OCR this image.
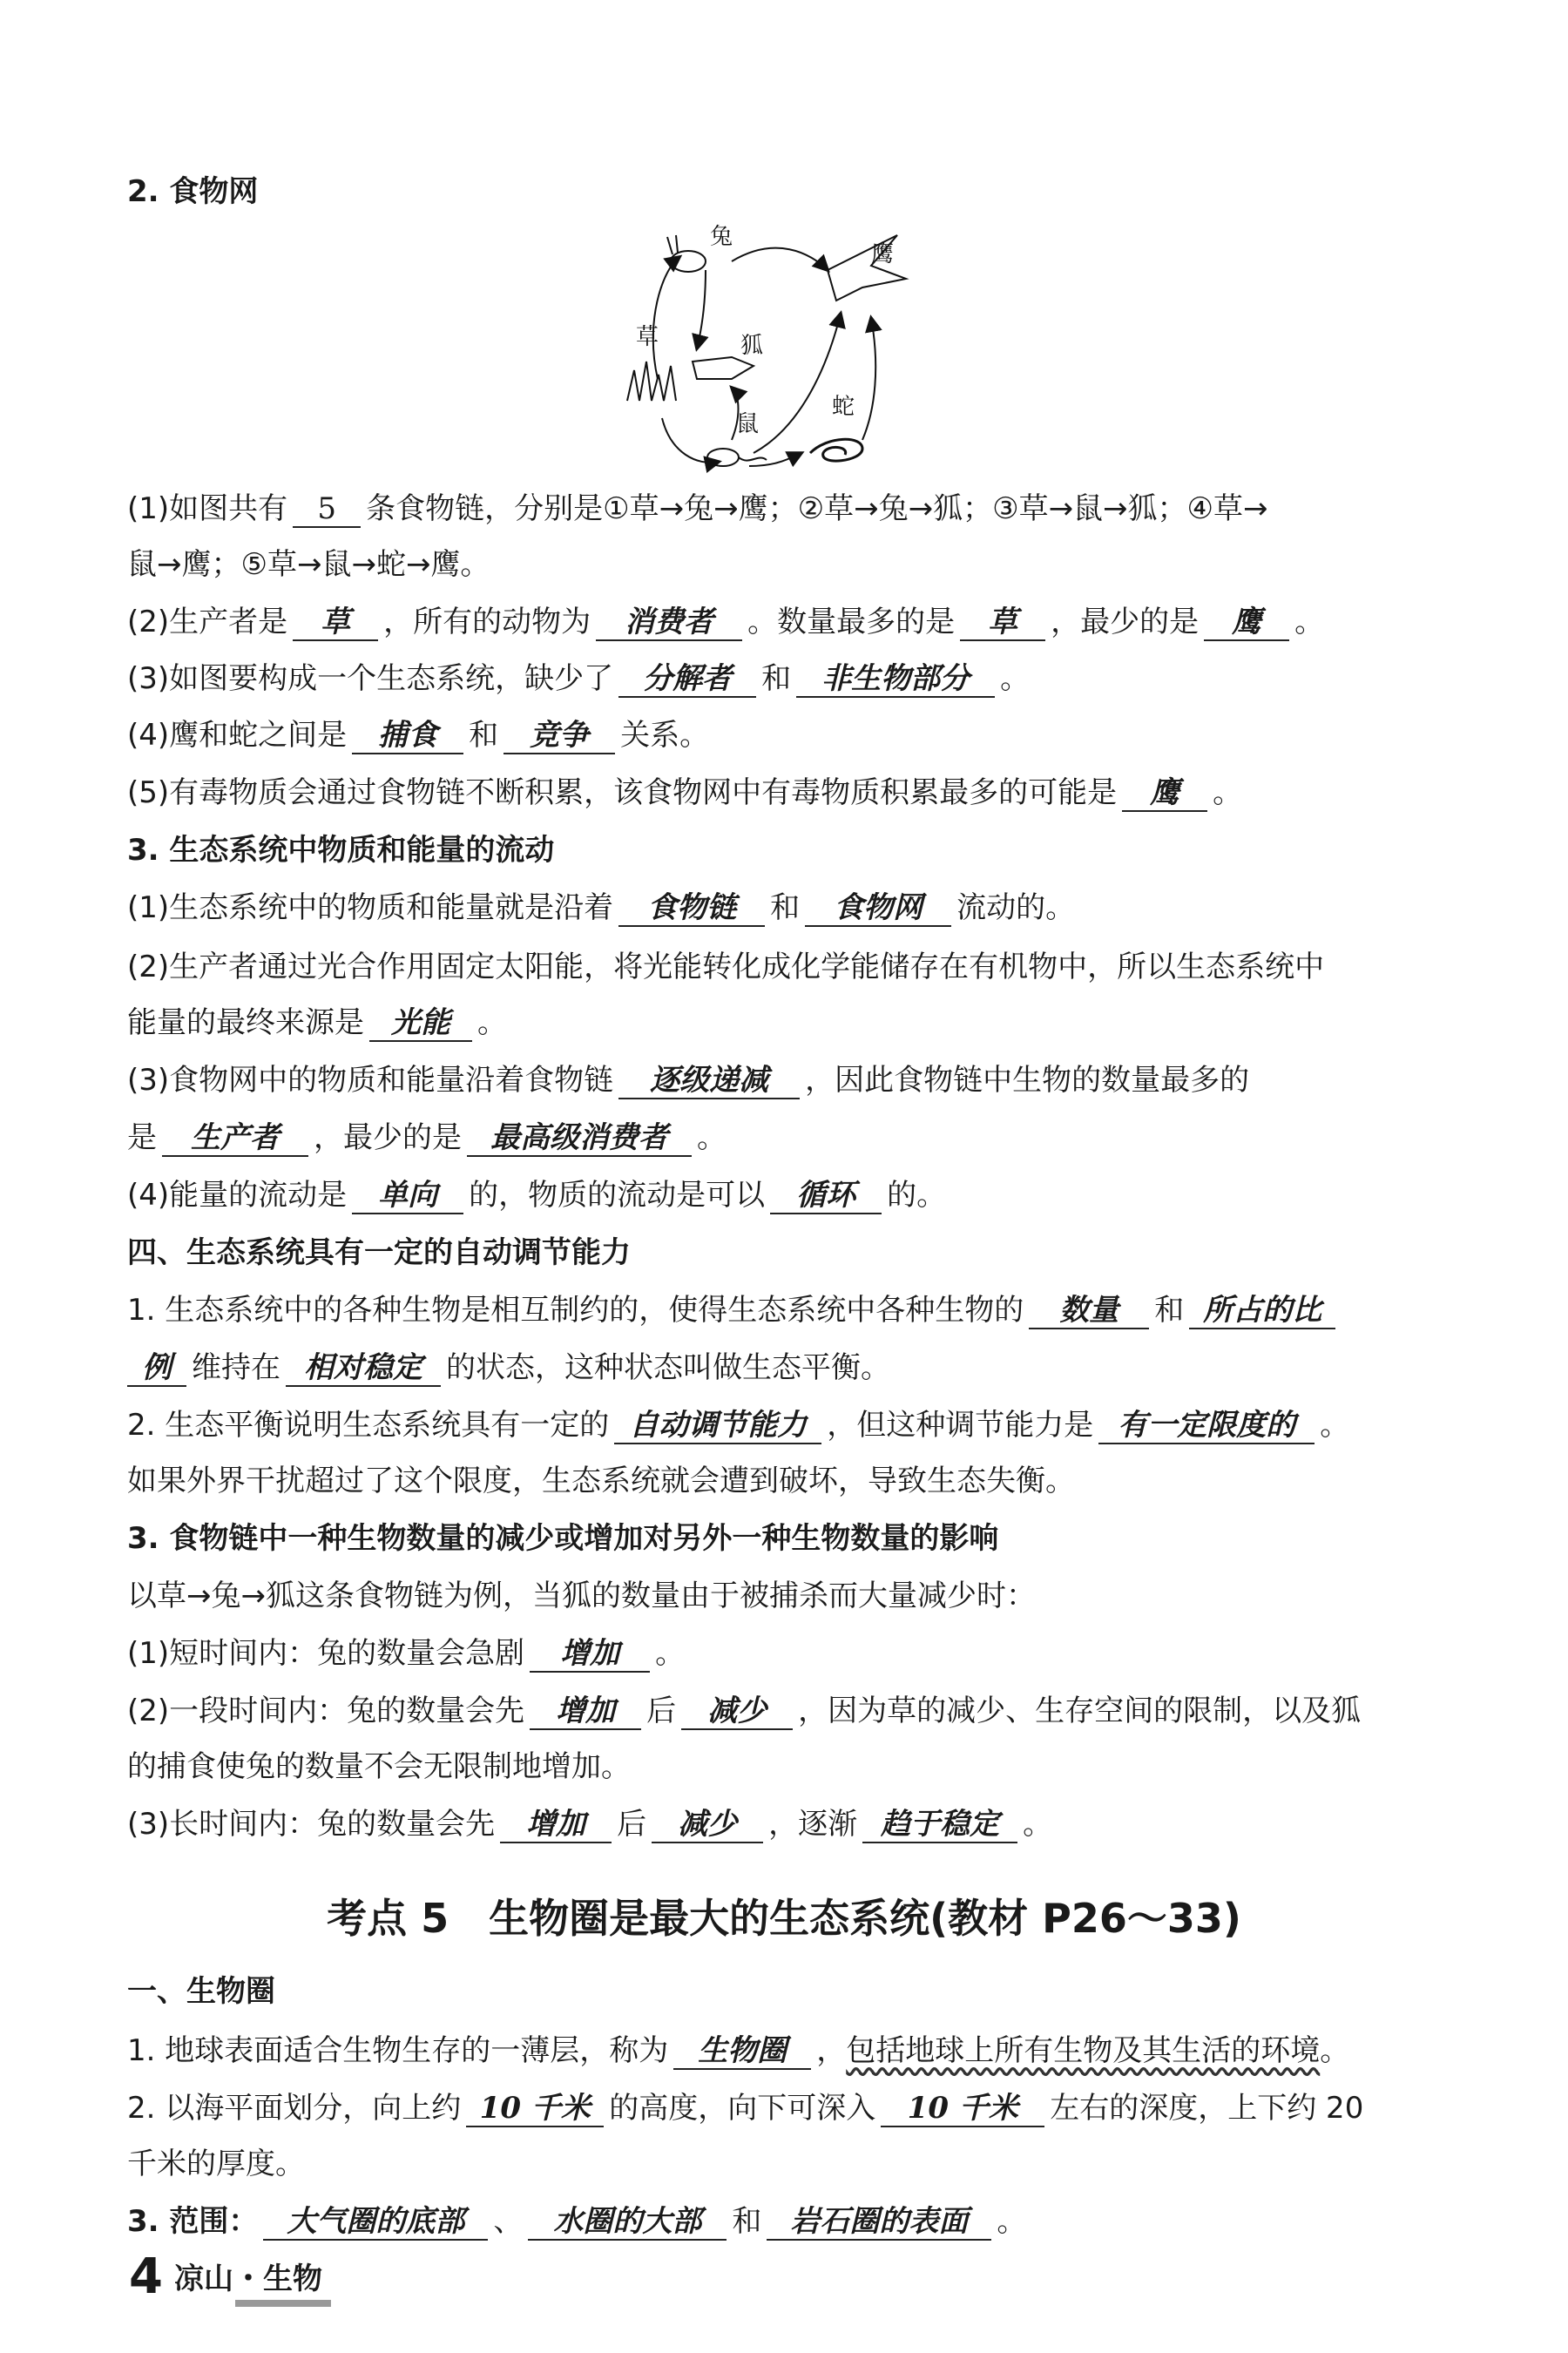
2. 食物网
兔
鹰
草	狐
鼠
蛇
(1)如图共有 5 条食物链，分别是①草→兔→鹰；②草→兔→狐；③草→鼠→狐；④草→
鼠→鹰；⑤草→鼠→蛇→鹰。
(2)生产者是 草 ，所有的动物为 消费者 。数量最多的是 草 ，最少的是 鹰 。
(3)如图要构成一个生态系统，缺少了 分解者 和 非生物部分 。
(4)鹰和蛇之间是 捕食 和 竞争 关系。
(5)有毒物质会通过食物链不断积累，该食物网中有毒物质积累最多的可能是 鹰 。
3. 生态系统中物质和能量的流动
(1)生态系统中的物质和能量就是沿着 食物链 和 食物网 流动的。
(2)生产者通过光合作用固定太阳能，将光能转化成化学能储存在有机物中，所以生态系统中
能量的最终来源是 光能 。
(3)食物网中的物质和能量沿着食物链 逐级递减 ，因此食物链中生物的数量最多的
是 生产者 ，最少的是 最高级消费者 。
(4)能量的流动是 单向 的，物质的流动是可以 循环 的。
四、生态系统具有一定的自动调节能力
1. 生态系统中的各种生物是相互制约的，使得生态系统中各种生物的 数量 和 所占的比
例 维持在 相对稳定 的状态，这种状态叫做生态平衡。
2. 生态平衡说明生态系统具有一定的 自动调节能力 ，但这种调节能力是 有一定限度的 。
如果外界干扰超过了这个限度，生态系统就会遭到破坏，导致生态失衡。
3. 食物链中一种生物数量的减少或增加对另外一种生物数量的影响
以草→兔→狐这条食物链为例，当狐的数量由于被捕杀而大量减少时：
(1)短时间内：兔的数量会急剧 增加 。
(2)一段时间内：兔的数量会先 增加 后 减少 ，因为草的减少、生存空间的限制，以及狐
的捕食使兔的数量不会无限制地增加。
(3)长时间内：兔的数量会先 增加 后 减少 ，逐渐 趋于稳定 。
考点 5　生物圈是最大的生态系统(教材 P26～33)
一、生物圈
1. 地球表面适合生物生存的一薄层，称为 生物圈 ，包括地球上所有生物及其生活的环境。
2. 以海平面划分，向上约 10 千米 的高度，向下可深入 10 千米 左右的深度，上下约 20
千米的厚度。
3. 范围： 大气圈的底部 、 水圈的大部 和 岩石圈的表面 。
4 凉山・生物
